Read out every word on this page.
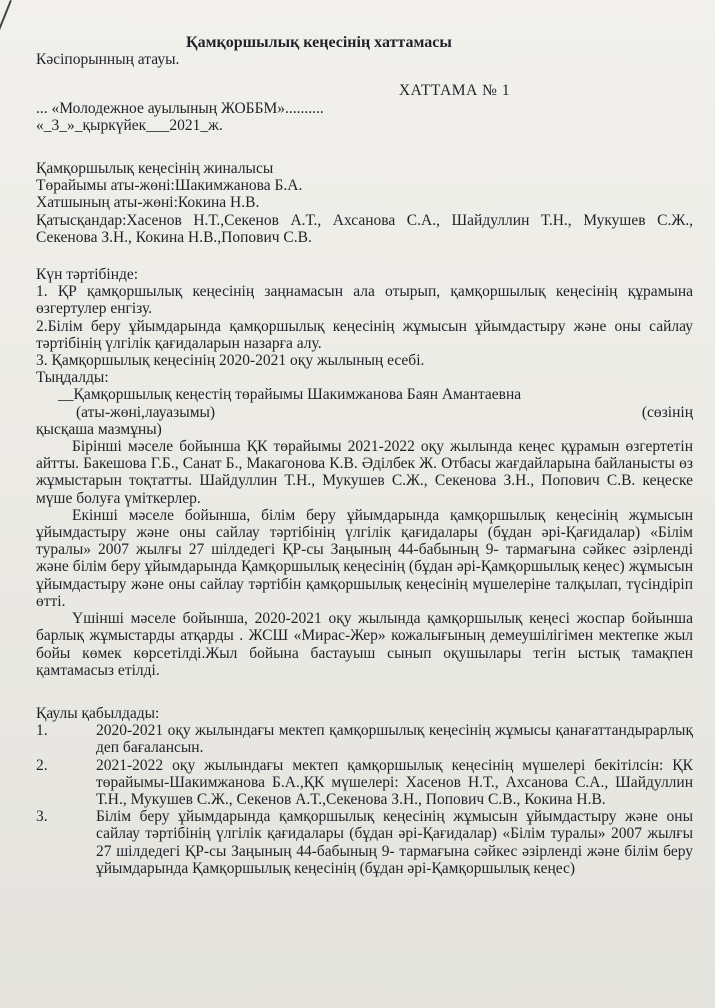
Қамқоршылық кеңесінің хаттамасы
Кәсіпорынның атауы.
ХАТТАМА № 1
... «Молодежное ауылының ЖОББМ»..........
«_3_»_қыркүйек___2021_ж.
Қамқоршылық кеңесінің жиналысы
Төрайымы аты-жөні:Шакимжанова Б.А.
Хатшының аты-жөні:Кокина Н.В.
Қатысқандар:Хасенов Н.Т.,Секенов А.Т., Ахсанова С.А., Шайдуллин Т.Н., Мукушев С.Ж., Секенова З.Н., Кокина Н.В.,Попович С.В.
Күн тәртібінде:
1. ҚР қамқоршылық кеңесінің заңнамасын ала отырып, қамқоршылық кеңесінің құрамына өзгертулер енгізу.
2.Білім беру ұйымдарында қамқоршылық кеңесінің жұмысын ұйымдастыру және оны сайлау тәртібінің үлгілік қағидаларын назарға алу.
3. Қамқоршылық кеңесінің 2020-2021 оқу жылының есебі.
Тыңдалды:
__Қамқоршылық кеңестің төрайымы Шакимжанова Баян Амантаевна
(аты-жөні,лауазымы)	(сөзінің
қысқаша мазмұны)
Бірінші мәселе бойынша ҚК төрайымы 2021-2022 оқу жылында кеңес құрамын өзгертетін айтты. Бакешова Г.Б., Санат Б., Макагонова К.В. Әділбек Ж. Отбасы жағдайларына байланысты өз жұмыстарын тоқтатты. Шайдуллин Т.Н., Мукушев С.Ж., Секенова З.Н., Попович С.В. кеңеске мүше болуға үміткерлер.
Екінші мәселе бойынша, білім беру ұйымдарында қамқоршылық кеңесінің жұмысын ұйымдастыру және оны сайлау тәртібінің үлгілік қағидалары (бұдан әрі-Қағидалар) «Білім туралы» 2007 жылғы 27 шілдедегі ҚР-сы Заңының 44-бабының 9- тармағына сәйкес әзірленді және білім беру ұйымдарында Қамқоршылық кеңесінің (бұдан әрі-Қамқоршылық кеңес) жұмысын ұйымдастыру және оны сайлау тәртібін қамқоршылық кеңесінің мүшелеріне талқылап, түсіндіріп өтті.
Үшінші мәселе бойынша, 2020-2021 оқу жылында қамқоршылық кеңесі жоспар бойынша барлық жұмыстарды атқарды . ЖСШ «Мирас-Жер» кожалығының демеушілігімен мектепке жыл бойы көмек көрсетілді.Жыл бойына бастауыш сынып оқушылары тегін ыстық тамақпен қамтамасыз етілді.
Қаулы қабылдады:
1.	2020-2021 оқу жылындағы мектеп қамқоршылық кеңесінің жұмысы қанағаттандырарлық деп бағалансын.
2.	2021-2022 оқу жылындағы мектеп қамқоршылық кеңесінің мүшелері бекітілсін: ҚК төрайымы-Шакимжанова Б.А.,ҚК мүшелері: Хасенов Н.Т., Ахсанова С.А., Шайдуллин Т.Н., Мукушев С.Ж., Секенов А.Т.,Секенова З.Н., Попович С.В., Кокина Н.В.
3.	Білім беру ұйымдарында қамқоршылық кеңесінің жұмысын ұйымдастыру және оны сайлау тәртібінің үлгілік қағидалары (бұдан әрі-Қағидалар) «Білім туралы» 2007 жылғы 27 шілдедегі ҚР-сы Заңының 44-бабының 9- тармағына сәйкес әзірленді және білім беру ұйымдарында Қамқоршылық кеңесінің (бұдан әрі-Қамқоршылық кеңес)
